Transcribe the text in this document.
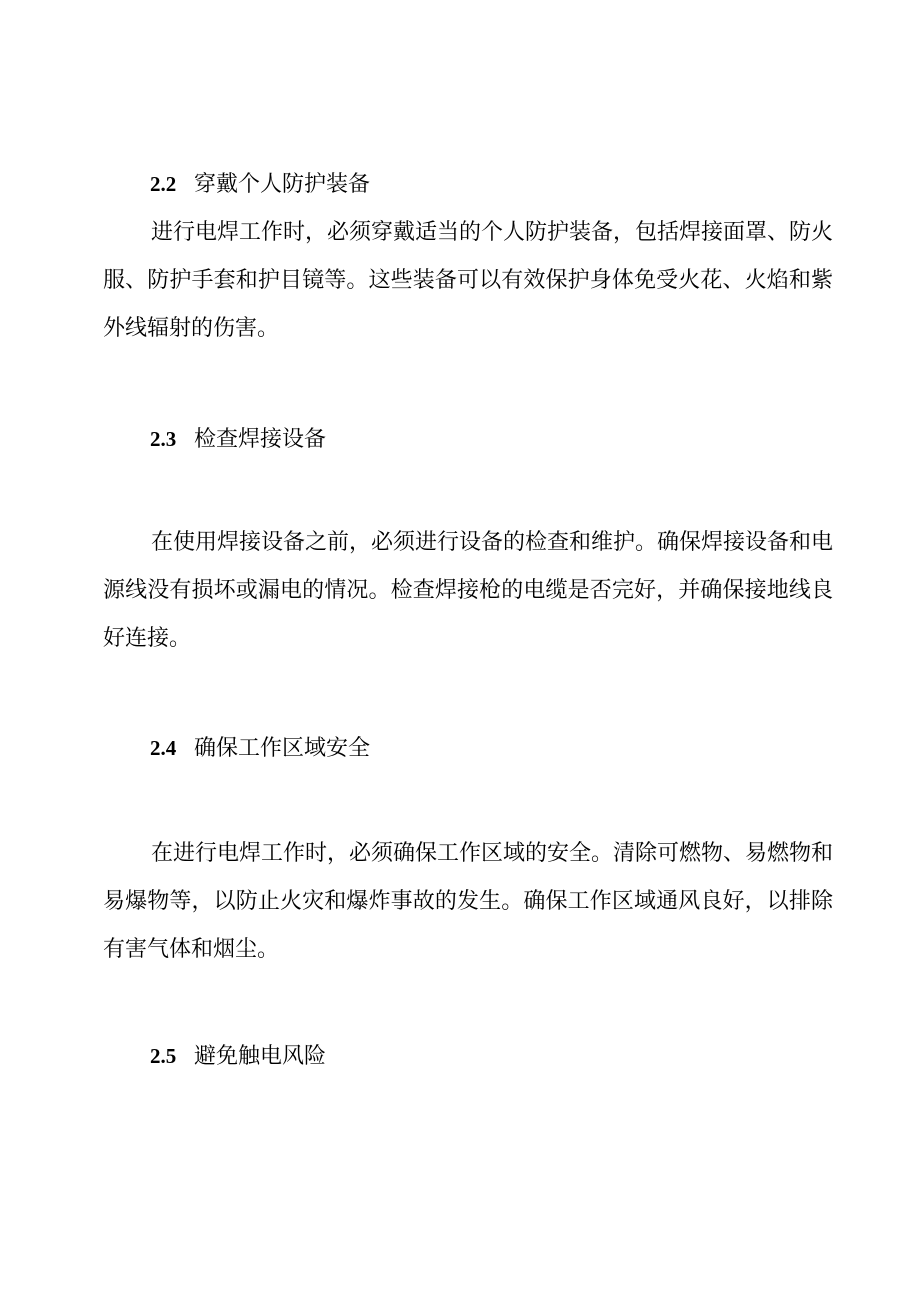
2.2 穿戴个人防护装备

进行电焊工作时，必须穿戴适当的个人防护装备，包括焊接面罩、防火服、防护手套和护目镜等。这些装备可以有效保护身体免受火花、火焰和紫外线辐射的伤害。

2.3 检查焊接设备

在使用焊接设备之前，必须进行设备的检查和维护。确保焊接设备和电源线没有损坏或漏电的情况。检查焊接枪的电缆是否完好，并确保接地线良好连接。

2.4 确保工作区域安全

在进行电焊工作时，必须确保工作区域的安全。清除可燃物、易燃物和易爆物等，以防止火灾和爆炸事故的发生。确保工作区域通风良好，以排除有害气体和烟尘。

2.5 避免触电风险
